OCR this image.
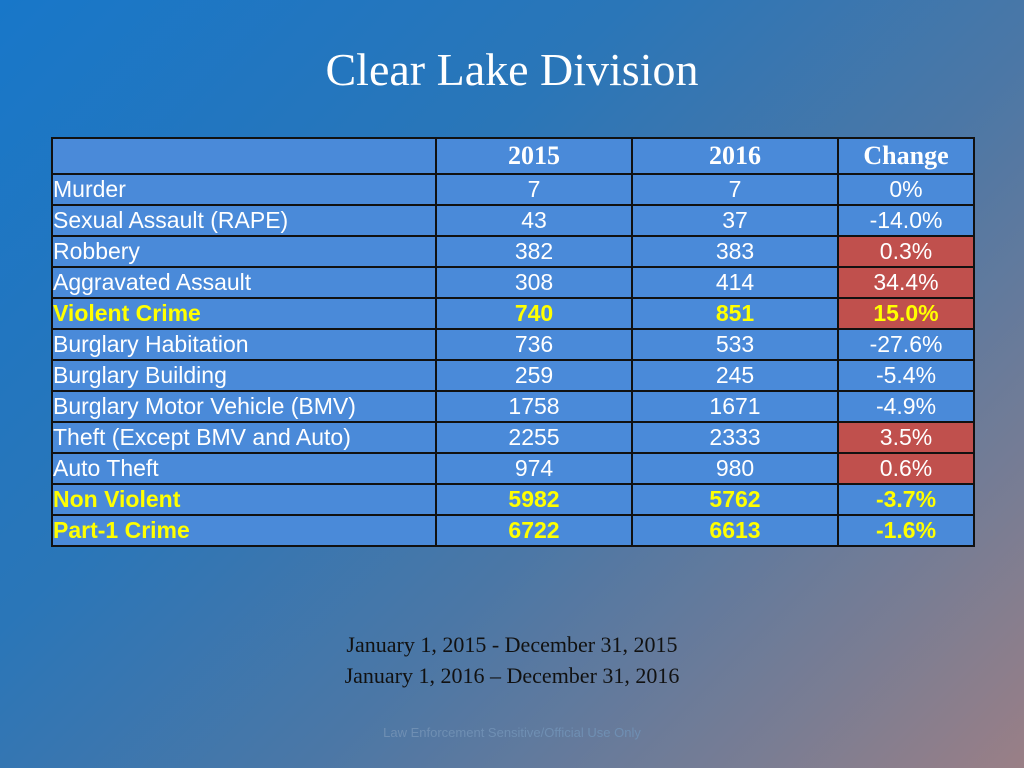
Clear Lake Division
	2015	2016	Change
Murder	7	7	0%
Sexual Assault (RAPE)	43	37	-14.0%
Robbery	382	383	0.3%
Aggravated Assault	308	414	34.4%
Violent Crime	740	851	15.0%
Burglary Habitation	736	533	-27.6%
Burglary Building	259	245	-5.4%
Burglary Motor Vehicle (BMV)	1758	1671	-4.9%
Theft (Except BMV and Auto)	2255	2333	3.5%
Auto Theft	974	980	0.6%
Non Violent	5982	5762	-3.7%
Part-1 Crime	6722	6613	-1.6%
January 1, 2015 - December 31, 2015
January 1, 2016 – December 31, 2016
Law Enforcement Sensitive/Official Use Only
